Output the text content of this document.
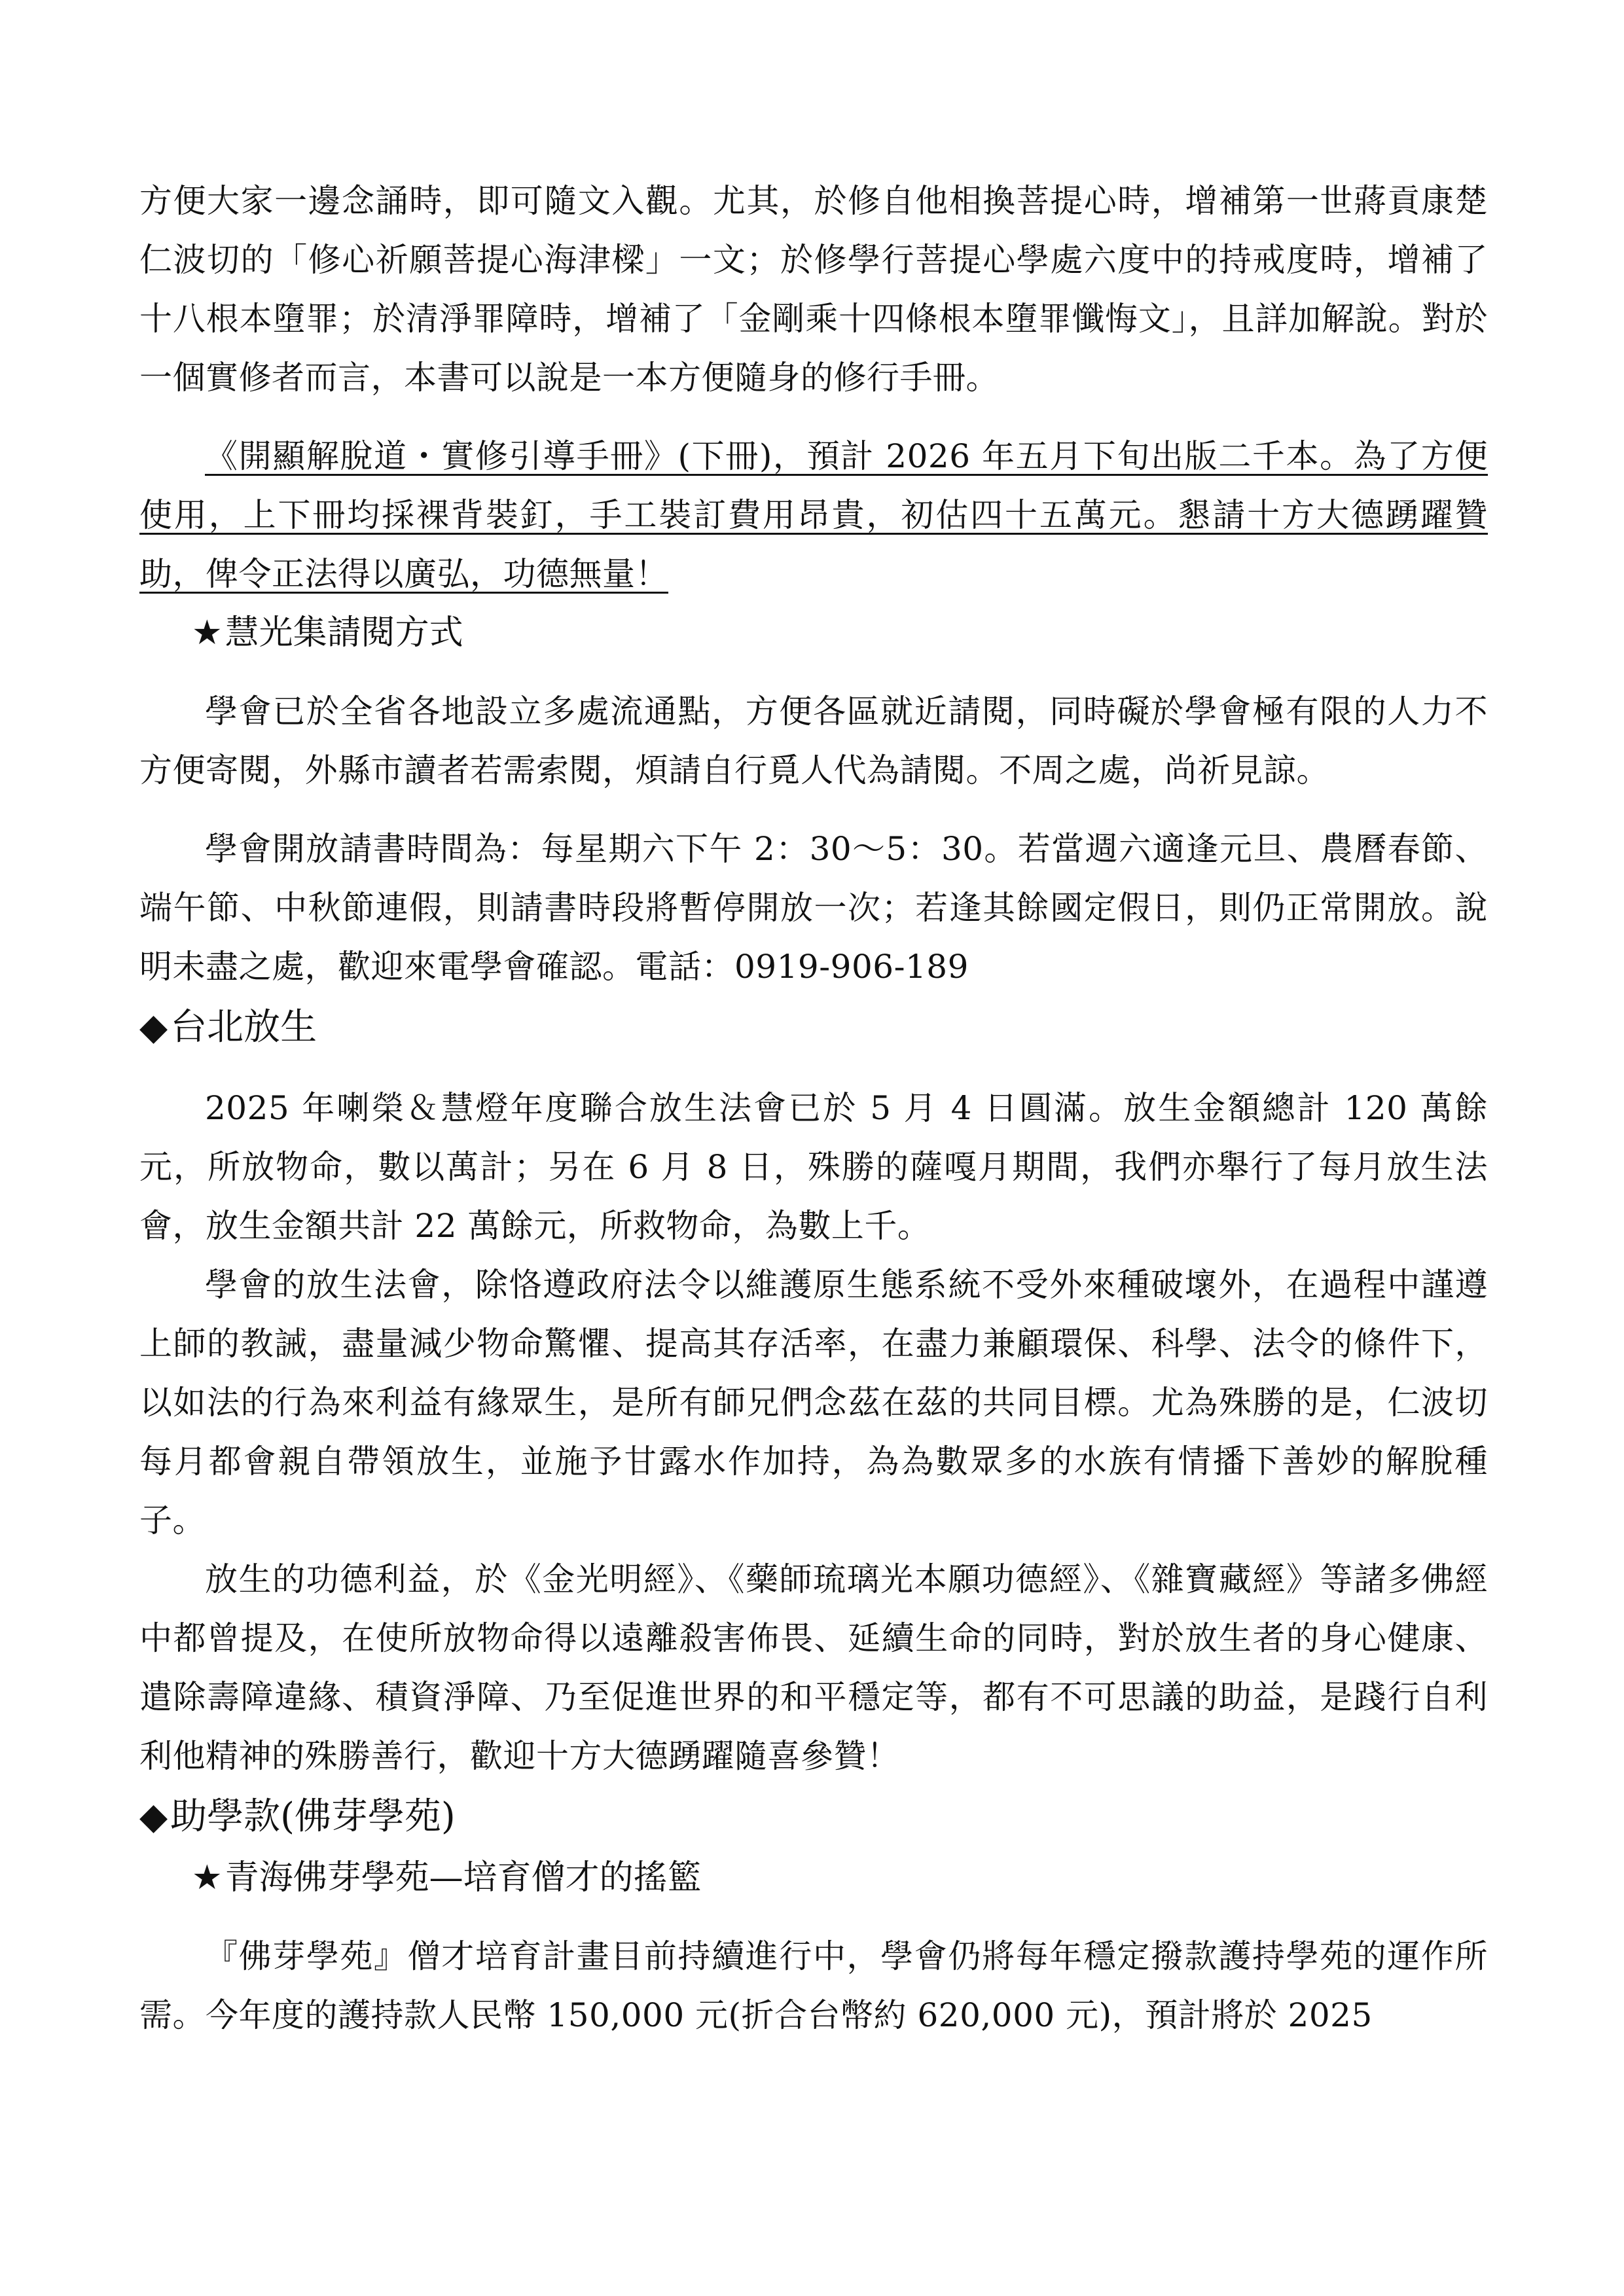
方便大家一邊念誦時，即可隨文入觀。尤其，於修自他相換菩提心時，增補第一世蔣貢康楚仁波切的「修心祈願菩提心海津樑」一文；於修學行菩提心學處六度中的持戒度時，增補了十八根本墮罪；於清淨罪障時，增補了「金剛乘十四條根本墮罪懺悔文」，且詳加解說。對於一個實修者而言，本書可以說是一本方便隨身的修行手冊。

《開顯解脫道・實修引導手冊》(下冊)，預計 2026 年五月下旬出版二千本。為了方便使用，上下冊均採裸背裝釘，手工裝訂費用昂貴，初估四十五萬元。懇請十方大德踴躍贊助，俾令正法得以廣弘，功德無量！

★慧光集請閱方式

學會已於全省各地設立多處流通點，方便各區就近請閱，同時礙於學會極有限的人力不方便寄閱，外縣市讀者若需索閱，煩請自行覓人代為請閱。不周之處，尚祈見諒。

學會開放請書時間為：每星期六下午 2：30～5：30。若當週六適逢元旦、農曆春節、端午節、中秋節連假，則請書時段將暫停開放一次；若逢其餘國定假日，則仍正常開放。說明未盡之處，歡迎來電學會確認。電話：0919-906-189

◆台北放生

2025 年喇榮＆慧燈年度聯合放生法會已於 5 月 4 日圓滿。放生金額總計 120 萬餘元，所放物命，數以萬計；另在 6 月 8 日，殊勝的薩嘎月期間，我們亦舉行了每月放生法會，放生金額共計 22 萬餘元，所救物命，為數上千。

學會的放生法會，除恪遵政府法令以維護原生態系統不受外來種破壞外，在過程中謹遵上師的教誡，盡量減少物命驚懼、提高其存活率，在盡力兼顧環保、科學、法令的條件下，以如法的行為來利益有緣眾生，是所有師兄們念茲在茲的共同目標。尤為殊勝的是，仁波切每月都會親自帶領放生，並施予甘露水作加持，為為數眾多的水族有情播下善妙的解脫種子。

放生的功德利益，於《金光明經》、《藥師琉璃光本願功德經》、《雜寶藏經》等諸多佛經中都曾提及，在使所放物命得以遠離殺害佈畏、延續生命的同時，對於放生者的身心健康、遣除壽障違緣、積資淨障、乃至促進世界的和平穩定等，都有不可思議的助益，是踐行自利利他精神的殊勝善行，歡迎十方大德踴躍隨喜參贊！

◆助學款(佛芽學苑)
★青海佛芽學苑—培育僧才的搖籃

『佛芽學苑』僧才培育計畫目前持續進行中，學會仍將每年穩定撥款護持學苑的運作所需。今年度的護持款人民幣 150,000 元(折合台幣約 620,000 元)，預計將於 2025
